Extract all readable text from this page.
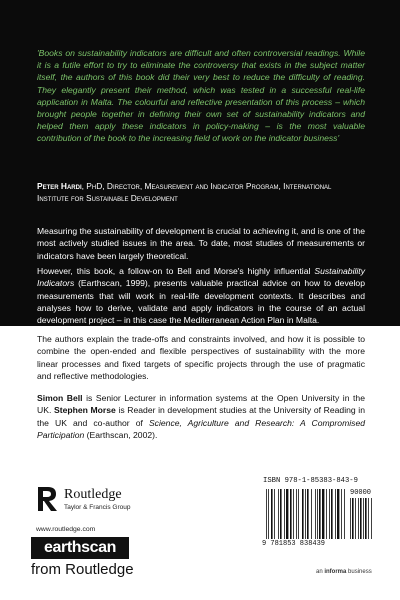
'Books on sustainability indicators are difficult and often controversial readings. While it is a futile effort to try to eliminate the controversy that exists in the subject matter itself, the authors of this book did their very best to reduce the difficulty of reading. They elegantly present their method, which was tested in a successful real-life application in Malta. The colourful and reflective presentation of this process – which brought people together in defining their own set of sustainability indicators and helped them apply these indicators in policy-making – is the most valuable contribution of the book to the increasing field of work on the indicator business'

Peter Hardi, PhD, Director, Measurement and Indicator Program, International Institute for Sustainable Development

Measuring the sustainability of development is crucial to achieving it, and is one of the most actively studied issues in the area. To date, most studies of measurements or indicators have been largely theoretical.

However, this book, a follow-on to Bell and Morse's highly influential Sustainability Indicators (Earthscan, 1999), presents valuable practical advice on how to develop measurements that will work in real-life development contexts. It describes and analyses how to derive, validate and apply indicators in the course of an actual development project – in this case the Mediterranean Action Plan in Malta.

The authors explain the trade-offs and constraints involved, and how it is possible to combine the open-ended and flexible perspectives of sustainability with the more linear processes and fixed targets of specific projects through the use of pragmatic and reflective methodologies.

Simon Bell is Senior Lecturer in information systems at the Open University in the UK. Stephen Morse is Reader in development studies at the University of Reading in the UK and co-author of Science, Agriculture and Research: A Compromised Participation (Earthscan, 2002).

Routledge
Taylor & Francis Group
www.routledge.com
earthscan
from Routledge
ISBN 978-1-85383-843-9
90000
9 781853 838439
an informa business
